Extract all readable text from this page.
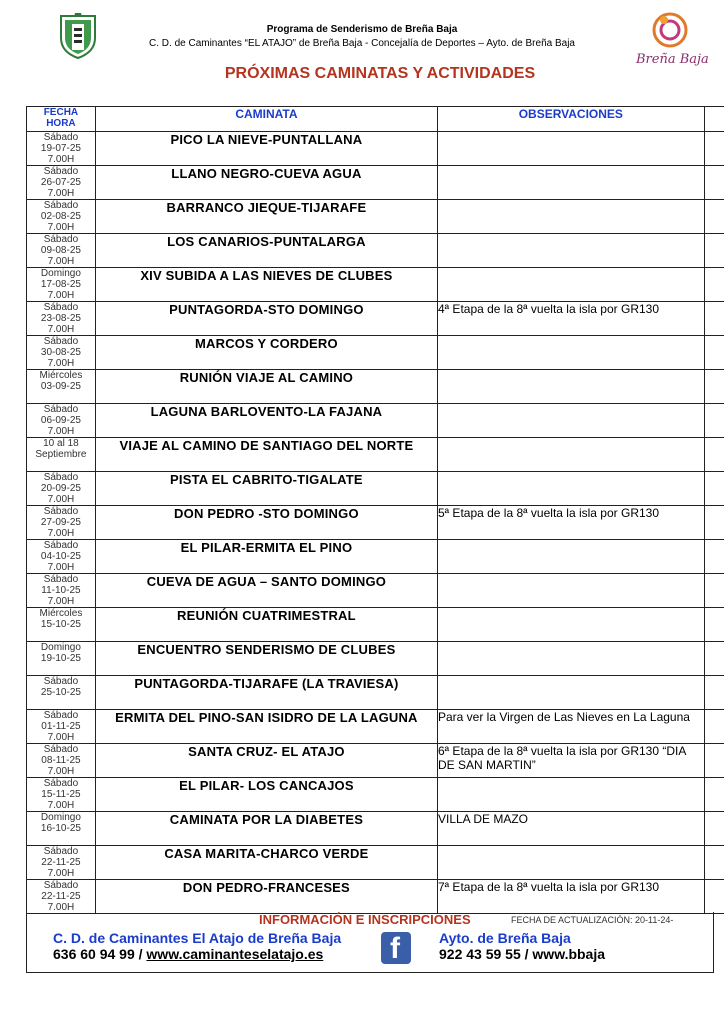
Programa de Senderismo de Breña Baja
C. D. de Caminantes “EL ATAJO” de Breña Baja - Concejalía de Deportes – Ayto. de Breña Baja
PRÓXIMAS CAMINATAS Y ACTIVIDADES
Breña Baja
FECHA
HORA	CAMINATA	OBSERVACIONES	

Sábado
19-07-25
7.00H	PICO LA NIEVE-PUNTALLANA		

Sábado
26-07-25
7.00H	LLANO NEGRO-CUEVA AGUA		

Sábado
02-08-25
7.00H	BARRANCO JIEQUE-TIJARAFE		

Sábado
09-08-25
7.00H	LOS CANARIOS-PUNTALARGA		

Domingo
17-08-25
7.00H	XIV SUBIDA A LAS NIEVES DE CLUBES		

Sábado
23-08-25
7.00H	PUNTAGORDA-STO DOMINGO	4ª Etapa de la 8ª vuelta la isla por GR130	

Sábado
30-08-25
7.00H	MARCOS Y CORDERO		

Miércoles
03-09-25	RUNIÓN VIAJE AL CAMINO		

Sábado
06-09-25
7.00H	LAGUNA BARLOVENTO-LA FAJANA		

10 al 18
Septiembre	VIAJE AL CAMINO DE SANTIAGO DEL NORTE		

Sábado
20-09-25
7.00H	PISTA EL CABRITO-TIGALATE		

Sábado
27-09-25
7.00H	DON PEDRO -STO DOMINGO	5ª Etapa de la 8ª vuelta la isla por GR130	

Sábado
04-10-25
7.00H	EL PILAR-ERMITA EL PINO		

Sábado
11-10-25
7.00H	CUEVA DE AGUA – SANTO DOMINGO		

Miércoles
15-10-25	REUNIÓN CUATRIMESTRAL		

Domingo
19-10-25	ENCUENTRO SENDERISMO DE CLUBES		

Sábado
25-10-25	PUNTAGORDA-TIJARAFE (LA TRAVIESA)		

Sábado
01-11-25
7.00H	ERMITA DEL PINO-SAN ISIDRO DE LA LAGUNA	Para ver la Virgen de Las Nieves en La Laguna	

Sábado
08-11-25
7.00H	SANTA CRUZ- EL ATAJO	6ª Etapa de la 8ª vuelta la isla por GR130 “DIA DE SAN MARTIN”	

Sábado
15-11-25
7.00H	EL PILAR- LOS CANCAJOS		

Domingo
16-10-25	CAMINATA POR LA DIABETES	VILLA DE MAZO	

Sábado
22-11-25
7.00H	CASA MARITA-CHARCO VERDE		

Sábado
22-11-25
7.00H	DON PEDRO-FRANCESES	7ª Etapa de la 8ª vuelta la isla por GR130	
INFORMACIÓN E INSCRIPCIONES	FECHA DE ACTUALIZACIÓN: 20-11-24-
C. D. de Caminantes El Atajo de Breña Baja
636 60 94 99 / www.caminanteselatajo.es f	Ayto. de Breña Baja
922 43 59 55 / www.bbaja
